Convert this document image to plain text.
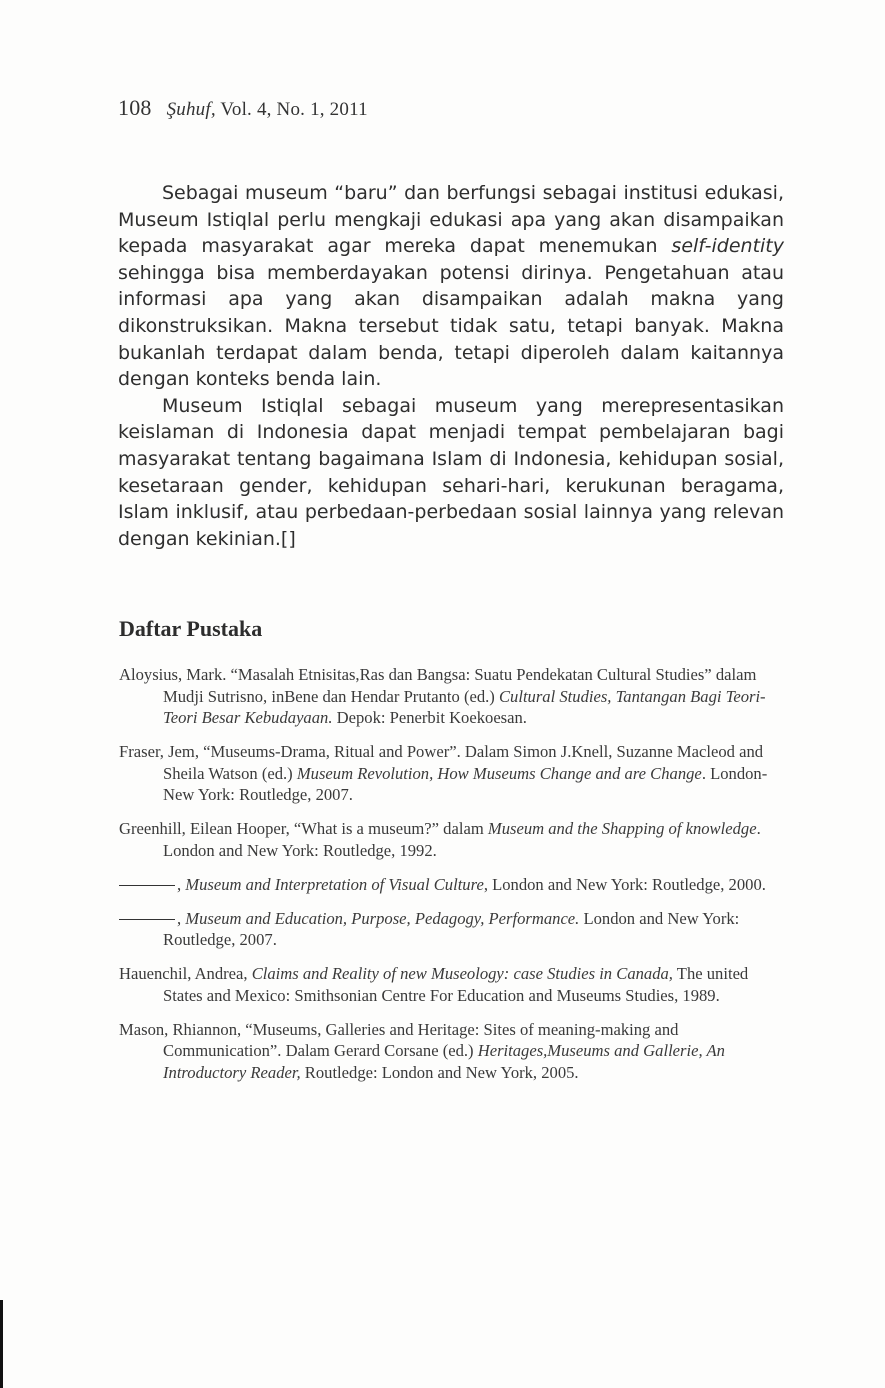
108 Şuhuf, Vol. 4, No. 1, 2011

Sebagai museum “baru” dan berfungsi sebagai institusi edukasi, Museum Istiqlal perlu mengkaji edukasi apa yang akan disampaikan kepada masyarakat agar mereka dapat menemukan self-identity sehingga bisa memberdayakan potensi dirinya. Pengetahuan atau informasi apa yang akan disampaikan adalah makna yang dikonstruksikan. Makna tersebut tidak satu, tetapi banyak. Makna bukanlah terdapat dalam benda, tetapi diperoleh dalam kaitannya dengan konteks benda lain.

Museum Istiqlal sebagai museum yang merepresentasikan keislaman di Indonesia dapat menjadi tempat pembelajaran bagi masyarakat tentang bagaimana Islam di Indonesia, kehidupan sosial, kesetaraan gender, kehidupan sehari-hari, kerukunan beragama, Islam inklusif, atau perbedaan-perbedaan sosial lainnya yang relevan dengan kekinian.[]

Daftar Pustaka
Aloysius, Mark. “Masalah Etnisitas,Ras dan Bangsa: Suatu Pendekatan Cultural Studies” dalam Mudji Sutrisno, inBene dan Hendar Prutanto (ed.) Cultural Studies, Tantangan Bagi Teori-Teori Besar Kebudayaan. Depok: Penerbit Koekoesan.
Fraser, Jem, “Museums-Drama, Ritual and Power”. Dalam Simon J.Knell, Suzanne Macleod and Sheila Watson (ed.) Museum Revolution, How Museums Change and are Change. London- New York: Routledge, 2007.
Greenhill, Eilean Hooper, “What is a museum?” dalam Museum and the Shapping of knowledge. London and New York: Routledge, 1992.
, Museum and Interpretation of Visual Culture, London and New York: Routledge, 2000.
, Museum and Education, Purpose, Pedagogy, Performance. London and New York: Routledge, 2007.
Hauenchil, Andrea, Claims and Reality of new Museology: case Studies in Canada, The united States and Mexico: Smithsonian Centre For Education and Museums Studies, 1989.
Mason, Rhiannon, “Museums, Galleries and Heritage: Sites of meaning-making and Communication”. Dalam Gerard Corsane (ed.) Heritages,Museums and Gallerie, An Introductory Reader, Routledge: London and New York, 2005.
